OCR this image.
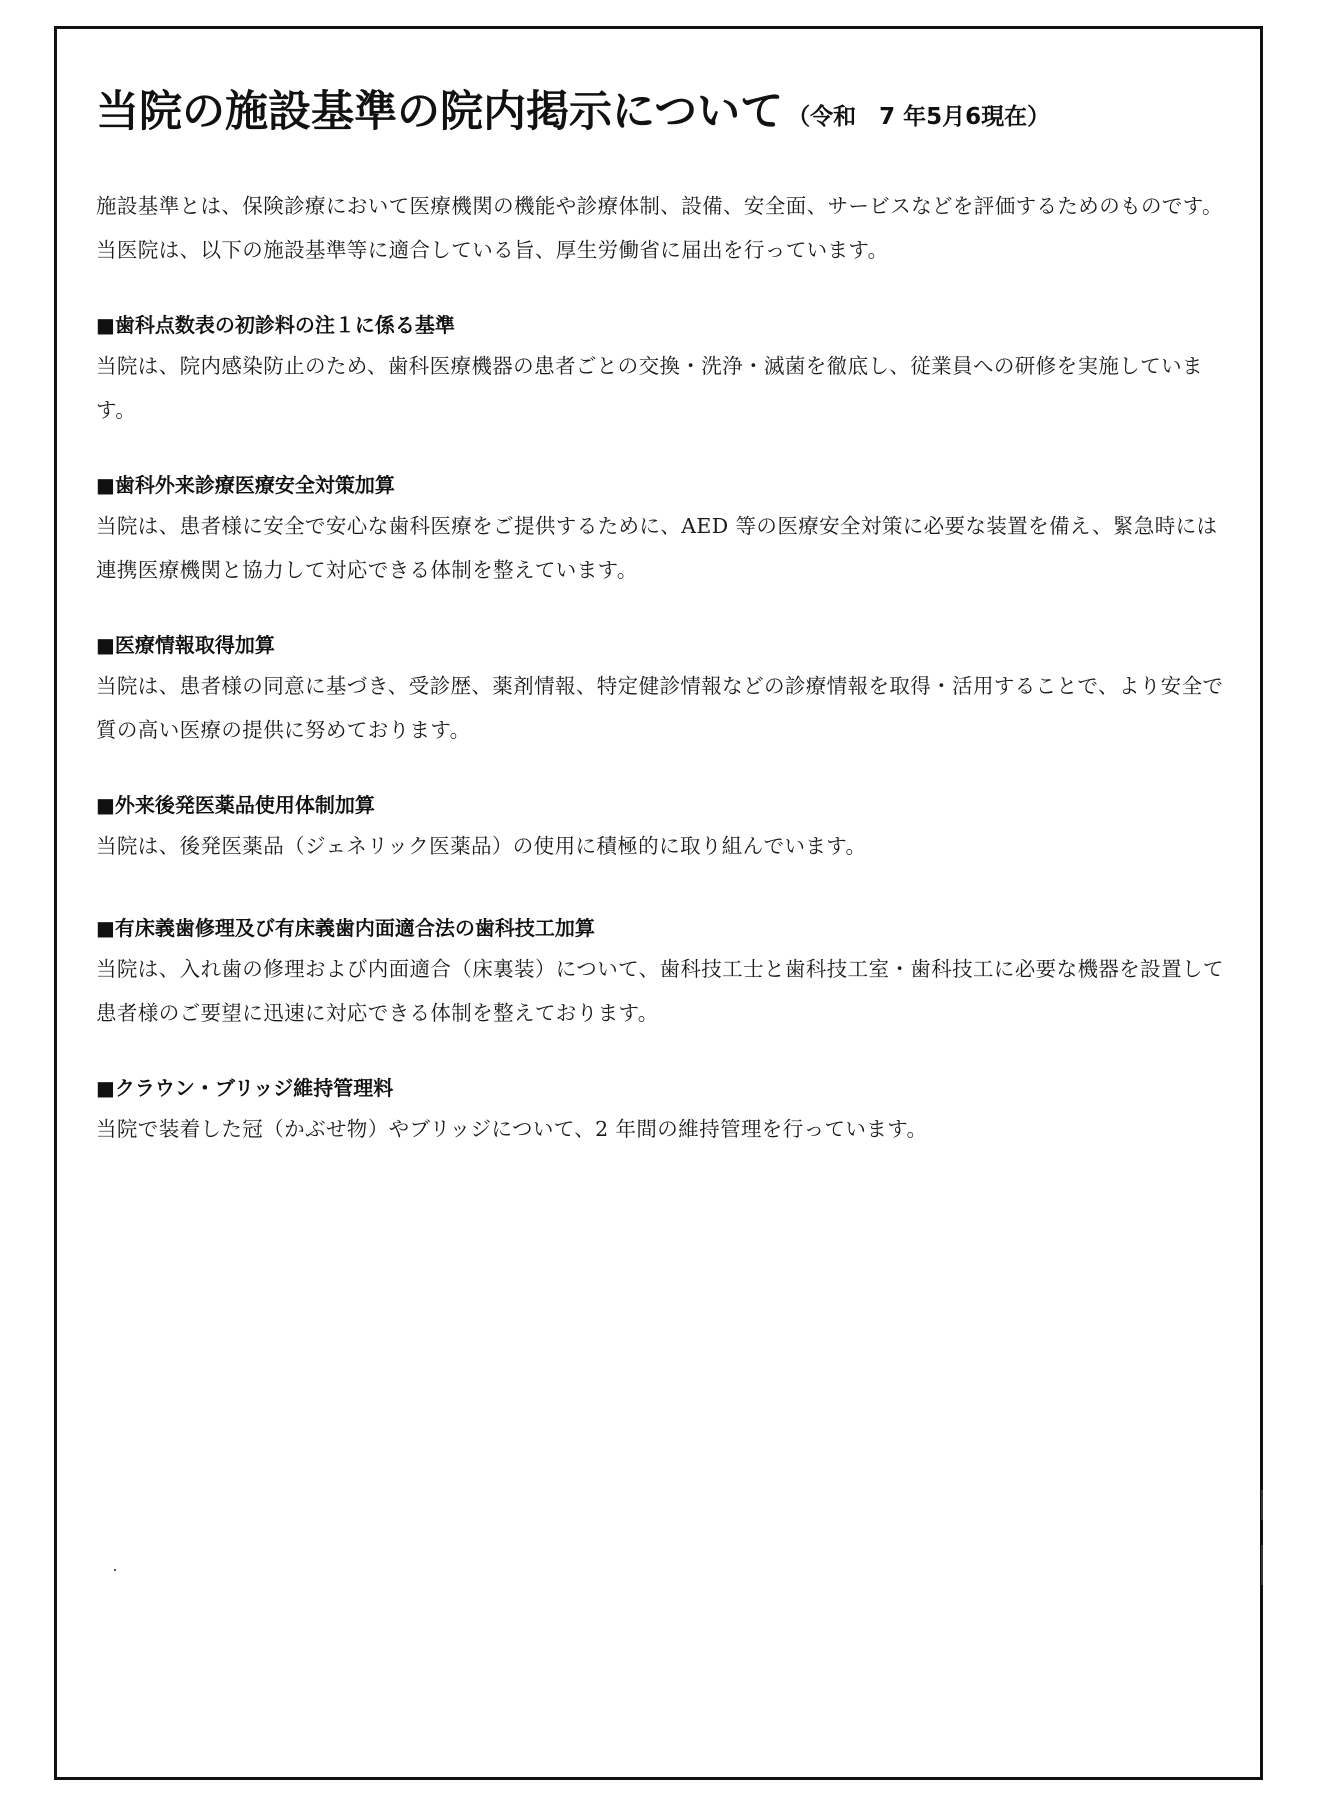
当院の施設基準の院内掲示について （令和　7 年5月6現在）

施設基準とは、保険診療において医療機関の機能や診療体制、設備、安全面、サービスなどを評価するためのものです。当医院は、以下の施設基準等に適合している旨、厚生労働省に届出を行っています。

■歯科点数表の初診料の注１に係る基準

当院は、院内感染防止のため、歯科医療機器の患者ごとの交換・洗浄・滅菌を徹底し、従業員への研修を実施しています。

■歯科外来診療医療安全対策加算

当院は、患者様に安全で安心な歯科医療をご提供するために、AED 等の医療安全対策に必要な装置を備え、緊急時には連携医療機関と協力して対応できる体制を整えています。

■医療情報取得加算

当院は、患者様の同意に基づき、受診歴、薬剤情報、特定健診情報などの診療情報を取得・活用することで、より安全で質の高い医療の提供に努めております。

■外来後発医薬品使用体制加算

当院は、後発医薬品（ジェネリック医薬品）の使用に積極的に取り組んでいます。

■有床義歯修理及び有床義歯内面適合法の歯科技工加算

当院は、入れ歯の修理および内面適合（床裏装）について、歯科技工士と歯科技工室・歯科技工に必要な機器を設置して患者様のご要望に迅速に対応できる体制を整えております。

■クラウン・ブリッジ維持管理料

当院で装着した冠（かぶせ物）やブリッジについて、2 年間の維持管理を行っています。
